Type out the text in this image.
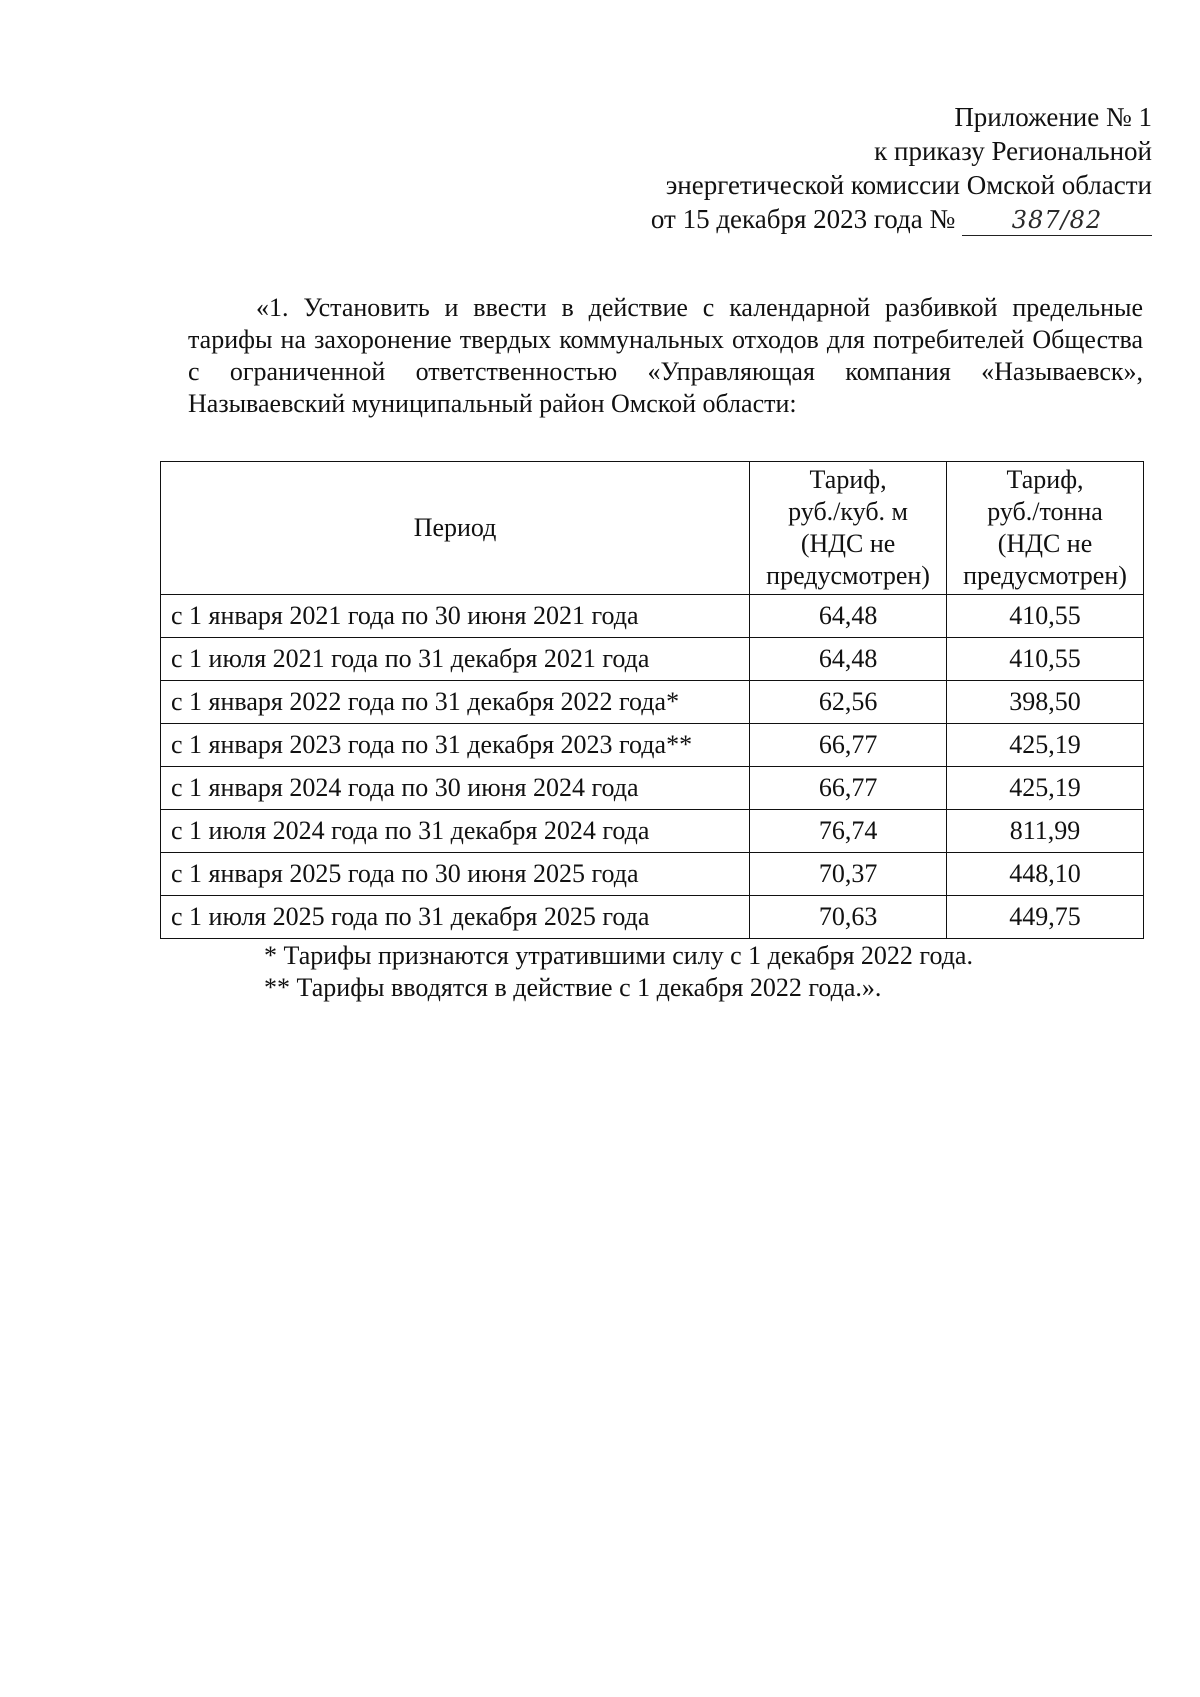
Приложение № 1
к приказу Региональной
энергетической комиссии Омской области
от 15 декабря 2023 года № 387/82

«1. Установить и ввести в действие с календарной разбивкой предельные тарифы на захоронение твердых коммунальных отходов для потребителей Общества с ограниченной ответственностью «Управляющая компания «Называевск», Называевский муниципальный район Омской области:

Период	Тариф,
руб./куб. м
(НДС не
предусмотрен)	Тариф,
руб./тонна
(НДС не
предусмотрен)
с 1 января 2021 года по 30 июня 2021 года	64,48	410,55
с 1 июля 2021 года по 31 декабря 2021 года	64,48	410,55
с 1 января 2022 года по 31 декабря 2022 года*	62,56	398,50
с 1 января 2023 года по 31 декабря 2023 года**	66,77	425,19
с 1 января 2024 года по 30 июня 2024 года	66,77	425,19
с 1 июля 2024 года по 31 декабря 2024 года	76,74	811,99
с 1 января 2025 года по 30 июня 2025 года	70,37	448,10
с 1 июля 2025 года по 31 декабря 2025 года	70,63	449,75
* Тарифы признаются утратившими силу с 1 декабря 2022 года.
** Тарифы вводятся в действие с 1 декабря 2022 года.».
